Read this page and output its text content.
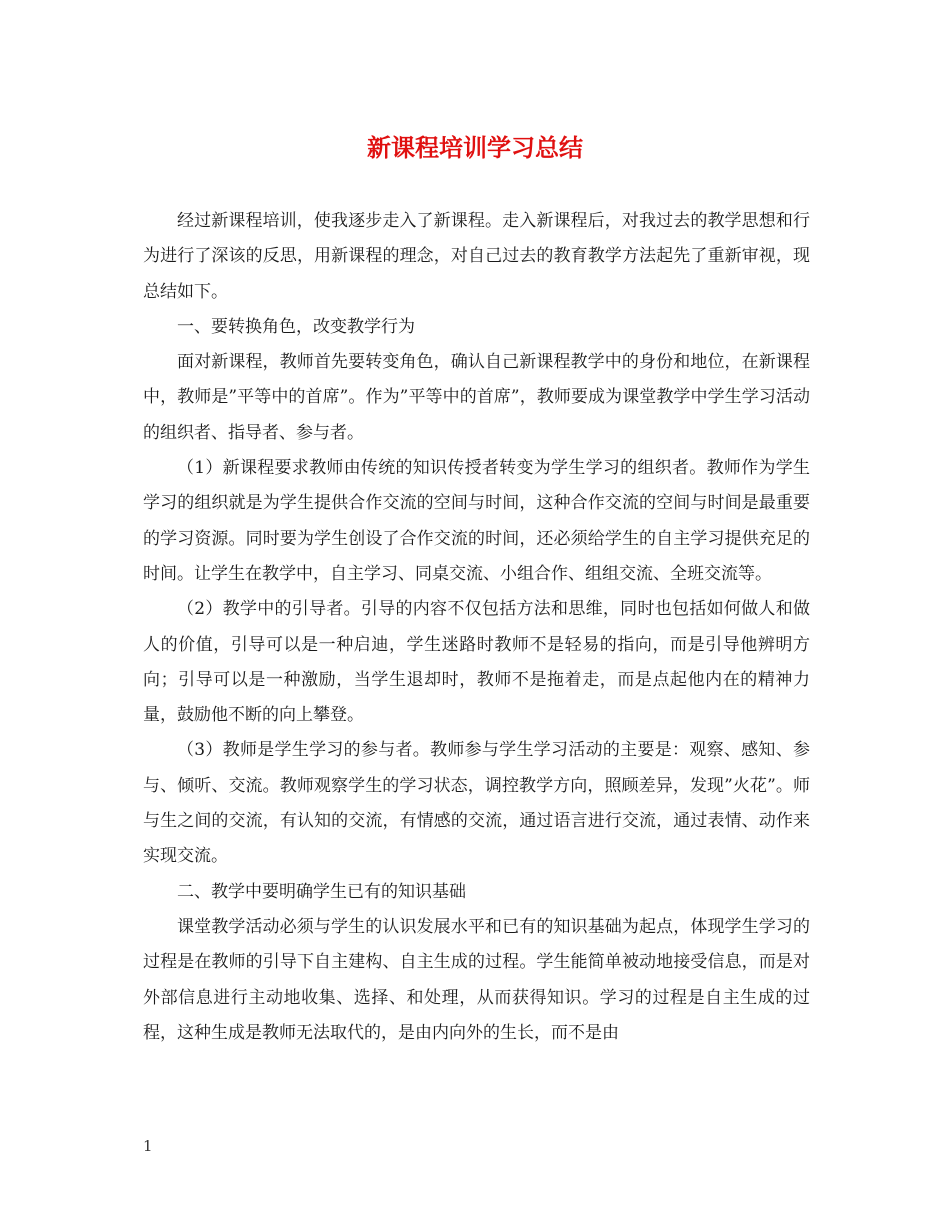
新课程培训学习总结

经过新课程培训，使我逐步走入了新课程。走入新课程后，对我过去的教学思想和行为进行了深该的反思，用新课程的理念，对自己过去的教育教学方法起先了重新审视，现总结如下。

一、要转换角色，改变教学行为

面对新课程，教师首先要转变角色，确认自己新课程教学中的身份和地位，在新课程中，教师是”平等中的首席”。作为”平等中的首席”，教师要成为课堂教学中学生学习活动的组织者、指导者、参与者。

（1）新课程要求教师由传统的知识传授者转变为学生学习的组织者。教师作为学生学习的组织就是为学生提供合作交流的空间与时间，这种合作交流的空间与时间是最重要的学习资源。同时要为学生创设了合作交流的时间，还必须给学生的自主学习提供充足的时间。让学生在教学中，自主学习、同桌交流、小组合作、组组交流、全班交流等。

（2）教学中的引导者。引导的内容不仅包括方法和思维，同时也包括如何做人和做人的价值，引导可以是一种启迪，学生迷路时教师不是轻易的指向，而是引导他辨明方向；引导可以是一种激励，当学生退却时，教师不是拖着走，而是点起他内在的精神力量，鼓励他不断的向上攀登。

（3）教师是学生学习的参与者。教师参与学生学习活动的主要是：观察、感知、参与、倾听、交流。教师观察学生的学习状态，调控教学方向，照顾差异，发现”火花”。师与生之间的交流，有认知的交流，有情感的交流，通过语言进行交流，通过表情、动作来实现交流。

二、教学中要明确学生已有的知识基础

课堂教学活动必须与学生的认识发展水平和已有的知识基础为起点，体现学生学习的过程是在教师的引导下自主建构、自主生成的过程。学生能简单被动地接受信息，而是对外部信息进行主动地收集、选择、和处理，从而获得知识。学习的过程是自主生成的过程，这种生成是教师无法取代的，是由内向外的生长，而不是由

1
